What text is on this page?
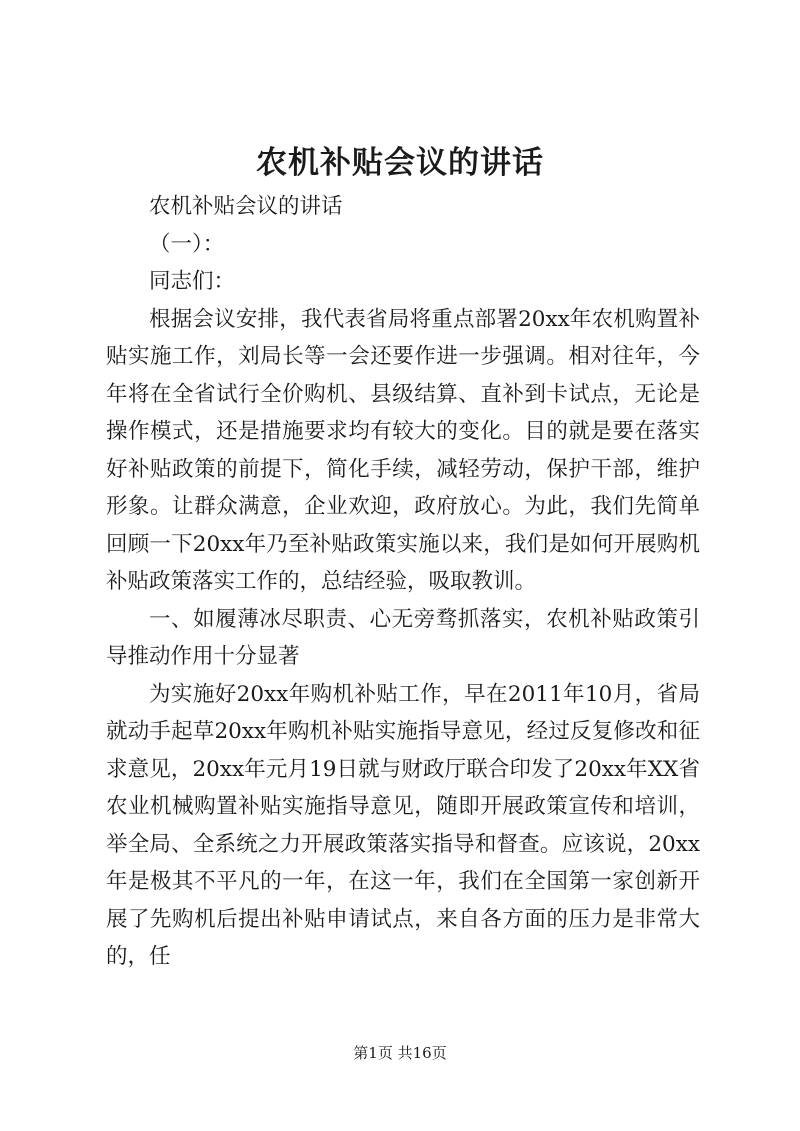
农机补贴会议的讲话

农机补贴会议的讲话

（一）：

同志们：

根据会议安排，我代表省局将重点部署20xx年农机购置补贴实施工作，刘局长等一会还要作进一步强调。相对往年，今年将在全省试行全价购机、县级结算、直补到卡试点，无论是操作模式，还是措施要求均有较大的变化。目的就是要在落实好补贴政策的前提下，简化手续，减轻劳动，保护干部，维护形象。让群众满意，企业欢迎，政府放心。为此，我们先简单回顾一下20xx年乃至补贴政策实施以来，我们是如何开展购机补贴政策落实工作的，总结经验，吸取教训。

一、如履薄冰尽职责、心无旁骛抓落实，农机补贴政策引导推动作用十分显著

为实施好20xx年购机补贴工作，早在2011年10月，省局就动手起草20xx年购机补贴实施指导意见，经过反复修改和征求意见，20xx年元月19日就与财政厅联合印发了20xx年XX省农业机械购置补贴实施指导意见，随即开展政策宣传和培训，举全局、全系统之力开展政策落实指导和督查。应该说，20xx年是极其不平凡的一年，在这一年，我们在全国第一家创新开展了先购机后提出补贴申请试点，来自各方面的压力是非常大的，任

第1页 共16页
